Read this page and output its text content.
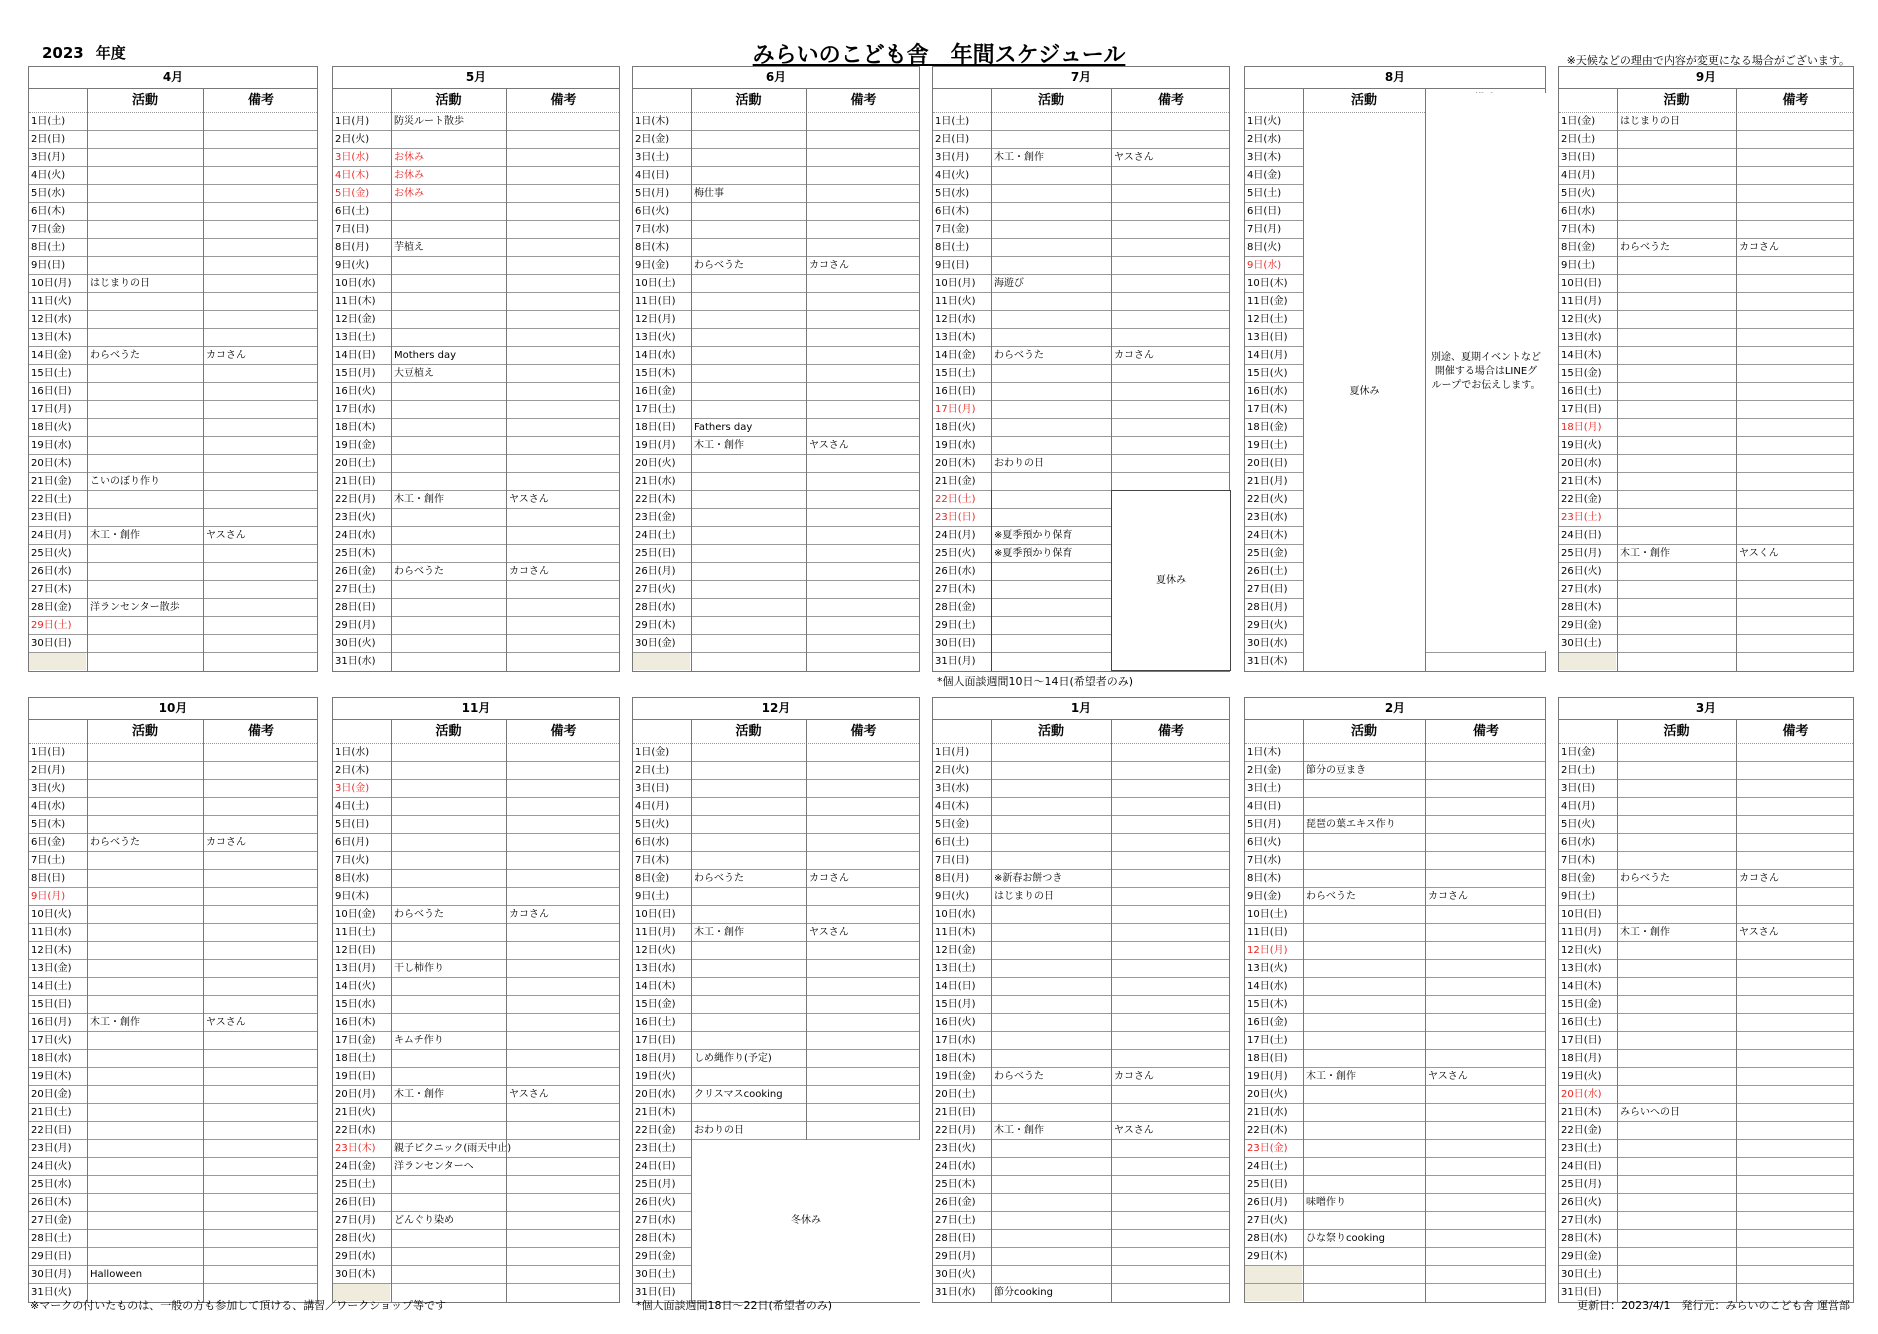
2023 年度	みらいのこども舎　年間スケジュール	※天候などの理由で内容が変更になる場合がございます。
4月
活動	備考
1日(土)
2日(日)
3日(月)
4日(火)
5日(水)
6日(木)
7日(金)
8日(土)
9日(日)
10日(月)	はじまりの日
11日(火)
12日(水)
13日(木)
14日(金)	わらべうた	カコさん
15日(土)
16日(日)
17日(月)
18日(火)
19日(水)
20日(木)
21日(金)	こいのぼり作り
22日(土)
23日(日)
24日(月)	木工・創作	ヤスさん
25日(火)
26日(水)
27日(木)
28日(金)	洋ランセンター散歩
29日(土)
30日(日)
5月
活動	備考
1日(月)	防災ルート散歩
2日(火)
3日(水)	お休み
4日(木)	お休み
5日(金)	お休み
6日(土)
7日(日)
8日(月)	芋植え
9日(火)
10日(水)
11日(木)
12日(金)
13日(土)
14日(日)	Mothers day
15日(月)	大豆植え
16日(火)
17日(水)
18日(木)
19日(金)
20日(土)
21日(日)
22日(月)	木工・創作	ヤスさん
23日(火)
24日(水)
25日(木)
26日(金)	わらべうた	カコさん
27日(土)
28日(日)
29日(月)
30日(火)
31日(水)
6月
活動	備考
1日(木)
2日(金)
3日(土)
4日(日)
5日(月)	梅仕事
6日(火)
7日(水)
8日(木)
9日(金)	わらべうた	カコさん
10日(土)
11日(日)
12日(月)
13日(火)
14日(水)
15日(木)
16日(金)
17日(土)
18日(日)	Fathers day
19日(月)	木工・創作	ヤスさん
20日(火)
21日(水)
22日(木)
23日(金)
24日(土)
25日(日)
26日(月)
27日(火)
28日(水)
29日(木)
30日(金)
7月
活動	備考
1日(土)
2日(日)
3日(月)	木工・創作	ヤスさん
4日(火)
5日(水)
6日(木)
7日(金)
8日(土)
9日(日)
10日(月)	海遊び
11日(火)
12日(水)
13日(木)
14日(金)	わらべうた	カコさん
15日(土)
16日(日)
17日(月)
18日(火)
19日(水)
20日(木)	おわりの日
21日(金)
22日(土)
23日(日)
24日(月)	※夏季預かり保育
25日(火)	※夏季預かり保育
26日(水)
27日(木)
28日(金)
29日(土)
30日(日)
31日(月)
夏休み
8月
活動
1日(火)
2日(水)
3日(木)
4日(金)
5日(土)
6日(日)
7日(月)
8日(火)
9日(水)
10日(木)
11日(金)
12日(土)
13日(日)
14日(月)
15日(火)
16日(水)
17日(木)
18日(金)
19日(土)
20日(日)
21日(月)
22日(火)
23日(水)
24日(木)
25日(金)
26日(土)
27日(日)
28日(月)
29日(火)
30日(水)
31日(木)
夏休み
別途、夏期イベントなど開催する場合はLINEグループでお伝えします。
9月
活動	備考
1日(金)	はじまりの日
2日(土)
3日(日)
4日(月)
5日(火)
6日(水)
7日(木)
8日(金)	わらべうた	カコさん
9日(土)
10日(日)
11日(月)
12日(火)
13日(水)
14日(木)
15日(金)
16日(土)
17日(日)
18日(月)
19日(火)
20日(水)
21日(木)
22日(金)
23日(土)
24日(日)
25日(月)	木工・創作	ヤスくん
26日(火)
27日(水)
28日(木)
29日(金)
30日(土)
10月
活動	備考
1日(日)
2日(月)
3日(火)
4日(水)
5日(木)
6日(金)	わらべうた	カコさん
7日(土)
8日(日)
9日(月)
10日(火)
11日(水)
12日(木)
13日(金)
14日(土)
15日(日)
16日(月)	木工・創作	ヤスさん
17日(火)
18日(水)
19日(木)
20日(金)
21日(土)
22日(日)
23日(月)
24日(火)
25日(水)
26日(木)
27日(金)
28日(土)
29日(日)
30日(月)	Halloween
31日(火)
11月
活動	備考
1日(水)
2日(木)
3日(金)
4日(土)
5日(日)
6日(月)
7日(火)
8日(水)
9日(木)
10日(金)	わらべうた	カコさん
11日(土)
12日(日)
13日(月)	干し柿作り
14日(火)
15日(水)
16日(木)
17日(金)	キムチ作り
18日(土)
19日(日)
20日(月)	木工・創作	ヤスさん
21日(火)
22日(水)
23日(木)	親子ピクニック(雨天中止)
24日(金)	洋ランセンターへ
25日(土)
26日(日)
27日(月)	どんぐり染め
28日(火)
29日(水)
30日(木)
12月
活動	備考
1日(金)
2日(土)
3日(日)
4日(月)
5日(火)
6日(水)
7日(木)
8日(金)	わらべうた	カコさん
9日(土)
10日(日)
11日(月)	木工・創作	ヤスさん
12日(火)
13日(水)
14日(木)
15日(金)
16日(土)
17日(日)
18日(月)	しめ縄作り(予定)
19日(火)
20日(水)	クリスマスcooking
21日(木)
22日(金)	おわりの日
23日(土)
24日(日)
25日(月)
26日(火)
27日(水)
28日(木)
29日(金)
30日(土)
31日(日)
冬休み
1月
活動	備考
1日(月)
2日(火)
3日(水)
4日(木)
5日(金)
6日(土)
7日(日)
8日(月)	※新春お餅つき
9日(火)	はじまりの日
10日(水)
11日(木)
12日(金)
13日(土)
14日(日)
15日(月)
16日(火)
17日(水)
18日(木)
19日(金)	わらべうた	カコさん
20日(土)
21日(日)
22日(月)	木工・創作	ヤスさん
23日(火)
24日(水)
25日(木)
26日(金)
27日(土)
28日(日)
29日(月)
30日(火)
31日(水)	節分cooking
2月
活動	備考
1日(木)
2日(金)	節分の豆まき
3日(土)
4日(日)
5日(月)	琵琶の葉エキス作り
6日(火)
7日(水)
8日(木)
9日(金)	わらべうた	カコさん
10日(土)
11日(日)
12日(月)
13日(火)
14日(水)
15日(木)
16日(金)
17日(土)
18日(日)
19日(月)	木工・創作	ヤスさん
20日(火)
21日(水)
22日(木)
23日(金)
24日(土)
25日(日)
26日(月)	味噌作り
27日(火)
28日(水)	ひな祭りcooking
29日(木)
3月
活動	備考
1日(金)
2日(土)
3日(日)
4日(月)
5日(火)
6日(水)
7日(木)
8日(金)	わらべうた	カコさん
9日(土)
10日(日)
11日(月)	木工・創作	ヤスさん
12日(火)
13日(水)
14日(木)
15日(金)
16日(土)
17日(日)
18日(月)
19日(火)
20日(水)
21日(木)	みらいへの日
22日(金)
23日(土)
24日(日)
25日(月)
26日(火)
27日(水)
28日(木)
29日(金)
30日(土)
31日(日)
*個人面談週間10日～14日(希望者のみ)
※マークの付いたものは、一般の方も参加して頂ける、講習／ワークショップ等です	*個人面談週間18日～22日(希望者のみ)	更新日：2023/4/1　発行元：みらいのこども舎 運営部
